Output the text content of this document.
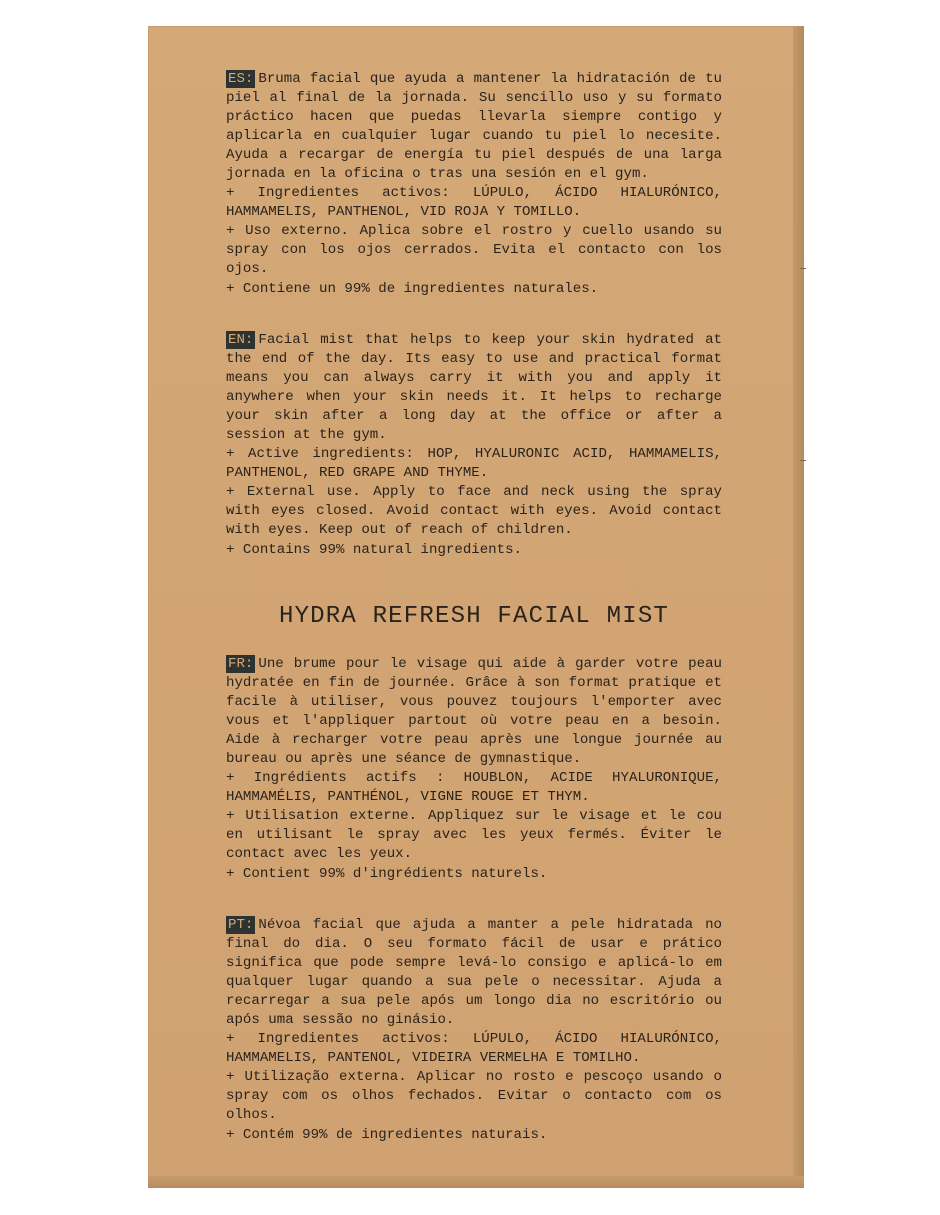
ES: Bruma facial que ayuda a mantener la hidratación de tu piel al final de la jornada. Su sencillo uso y su formato práctico hacen que puedas llevarla siempre contigo y aplicarla en cualquier lugar cuando tu piel lo necesite. Ayuda a recargar de energía tu piel después de una larga jornada en la oficina o tras una sesión en el gym.

+ Ingredientes activos: LÚPULO, ÁCIDO HIALURÓNICO, HAMMAMELIS, PANTHENOL, VID ROJA Y TOMILLO.

+ Uso externo. Aplica sobre el rostro y cuello usando su spray con los ojos cerrados. Evita el contacto con los ojos.

+ Contiene un 99% de ingredientes naturales.

EN: Facial mist that helps to keep your skin hydrated at the end of the day. Its easy to use and practical format means you can always carry it with you and apply it anywhere when your skin needs it. It helps to recharge your skin after a long day at the office or after a session at the gym.

+ Active ingredients: HOP, HYALURONIC ACID, HAMMAMELIS, PANTHENOL, RED GRAPE AND THYME.

+ External use. Apply to face and neck using the spray with eyes closed. Avoid contact with eyes. Avoid contact with eyes. Keep out of reach of children.

+ Contains 99% natural ingredients.

HYDRA REFRESH FACIAL MIST

FR: Une brume pour le visage qui aide à garder votre peau hydratée en fin de journée. Grâce à son format pratique et facile à utiliser, vous pouvez toujours l'emporter avec vous et l'appliquer partout où votre peau en a besoin. Aide à recharger votre peau après une longue journée au bureau ou après une séance de gymnastique.

+ Ingrédients actifs : HOUBLON, ACIDE HYALURONIQUE, HAMMAMÉLIS, PANTHÉNOL, VIGNE ROUGE ET THYM.

+ Utilisation externe. Appliquez sur le visage et le cou en utilisant le spray avec les yeux fermés. Éviter le contact avec les yeux.

+ Contient 99% d'ingrédients naturels.

PT: Névoa facial que ajuda a manter a pele hidratada no final do dia. O seu formato fácil de usar e prático significa que pode sempre levá-lo consigo e aplicá-lo em qualquer lugar quando a sua pele o necessitar. Ajuda a recarregar a sua pele após um longo dia no escritório ou após uma sessão no ginásio.

+ Ingredientes activos: LÚPULO, ÁCIDO HIALURÓNICO, HAMMAMELIS, PANTENOL, VIDEIRA VERMELHA E TOMILHO.

+ Utilização externa. Aplicar no rosto e pescoço usando o spray com os olhos fechados. Evitar o contacto com os olhos.

+ Contém 99% de ingredientes naturais.
